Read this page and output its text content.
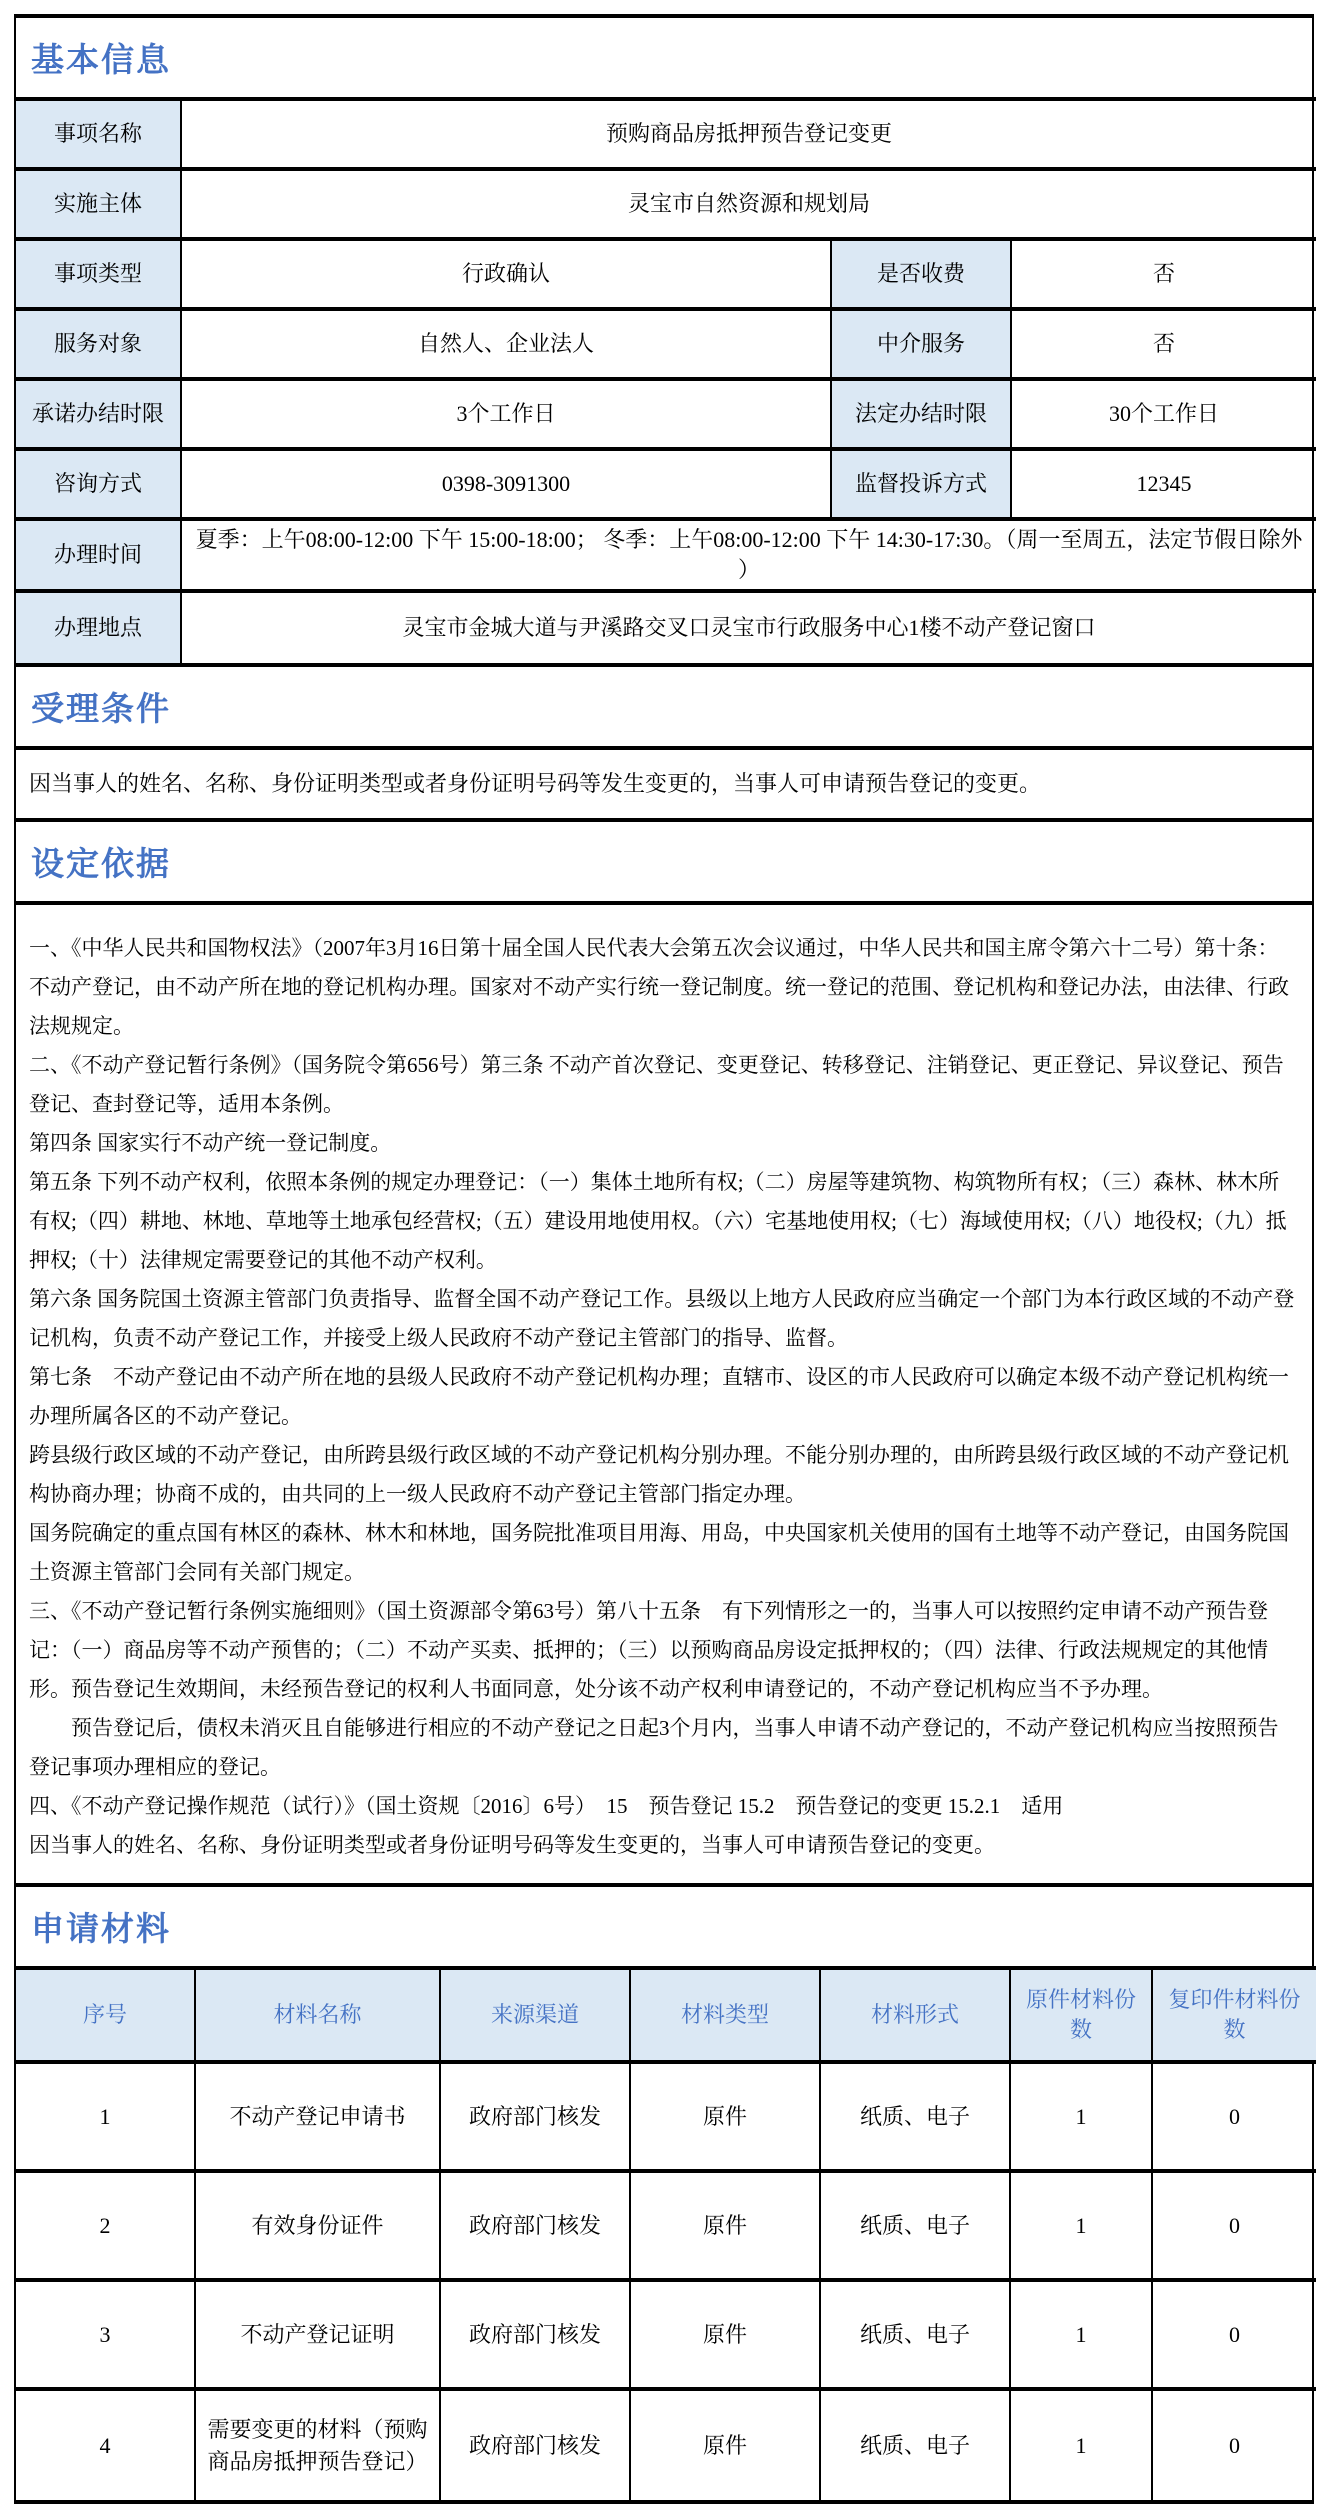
基本信息
事项名称	预购商品房抵押预告登记变更		
实施主体	灵宝市自然资源和规划局		
事项类型	行政确认	是否收费	否
服务对象	自然人、企业法人	中介服务	否
承诺办结时限	3个工作日	法定办结时限	30个工作日
咨询方式	0398-3091300	监督投诉方式	12345
办理时间	夏季：上午08:00-12:00 下午 15:00-18:00； 冬季：上午08:00-12:00 下午 14:30-17:30。（周一至周五，法定节假日除外 ）		
办理地点	灵宝市金城大道与尹溪路交叉口灵宝市行政服务中心1楼不动产登记窗口		
受理条件
因当事人的姓名、名称、身份证明类型或者身份证明号码等发生变更的，当事人可申请预告登记的变更。
设定依据

一、《中华人民共和国物权法》（2007年3月16日第十届全国人民代表大会第五次会议通过，中华人民共和国主席令第六十二号）第十条：不动产登记，由不动产所在地的登记机构办理。国家对不动产实行统一登记制度。统一登记的范围、登记机构和登记办法，由法律、行政法规规定。

二、《不动产登记暂行条例》（国务院令第656号）第三条 不动产首次登记、变更登记、转移登记、注销登记、更正登记、异议登记、预告登记、查封登记等，适用本条例。

第四条 国家实行不动产统一登记制度。

第五条 下列不动产权利，依照本条例的规定办理登记：（一）集体土地所有权;（二）房屋等建筑物、构筑物所有权；（三）森林、林木所有权;（四）耕地、林地、草地等土地承包经营权;（五）建设用地使用权。（六）宅基地使用权;（七）海域使用权;（八）地役权;（九）抵押权;（十）法律规定需要登记的其他不动产权利。

第六条 国务院国土资源主管部门负责指导、监督全国不动产登记工作。县级以上地方人民政府应当确定一个部门为本行政区域的不动产登记机构，负责不动产登记工作，并接受上级人民政府不动产登记主管部门的指导、监督。

第七条　不动产登记由不动产所在地的县级人民政府不动产登记机构办理；直辖市、设区的市人民政府可以确定本级不动产登记机构统一办理所属各区的不动产登记。

跨县级行政区域的不动产登记，由所跨县级行政区域的不动产登记机构分别办理。不能分别办理的，由所跨县级行政区域的不动产登记机构协商办理；协商不成的，由共同的上一级人民政府不动产登记主管部门指定办理。

国务院确定的重点国有林区的森林、林木和林地，国务院批准项目用海、用岛，中央国家机关使用的国有土地等不动产登记，由国务院国土资源主管部门会同有关部门规定。

三、《不动产登记暂行条例实施细则》（国土资源部令第63号）第八十五条　有下列情形之一的，当事人可以按照约定申请不动产预告登记：（一）商品房等不动产预售的；（二）不动产买卖、抵押的；（三）以预购商品房设定抵押权的；（四）法律、行政法规规定的其他情形。预告登记生效期间，未经预告登记的权利人书面同意，处分该不动产权利申请登记的，不动产登记机构应当不予办理。

　　预告登记后，债权未消灭且自能够进行相应的不动产登记之日起3个月内，当事人申请不动产登记的，不动产登记机构应当按照预告登记事项办理相应的登记。

四、《不动产登记操作规范（试行）》（国土资规〔2016〕6号）　15　预告登记 15.2　预告登记的变更 15.2.1　适用

因当事人的姓名、名称、身份证明类型或者身份证明号码等发生变更的，当事人可申请预告登记的变更。

申请材料
序号	材料名称	来源渠道	材料类型	材料形式	原件材料份数	复印件材料份数
1	不动产登记申请书	政府部门核发	原件	纸质、电子	1	0
2	有效身份证件	政府部门核发	原件	纸质、电子	1	0
3	不动产登记证明	政府部门核发	原件	纸质、电子	1	0
4	需要变更的材料（预购商品房抵押预告登记）	政府部门核发	原件	纸质、电子	1	0
